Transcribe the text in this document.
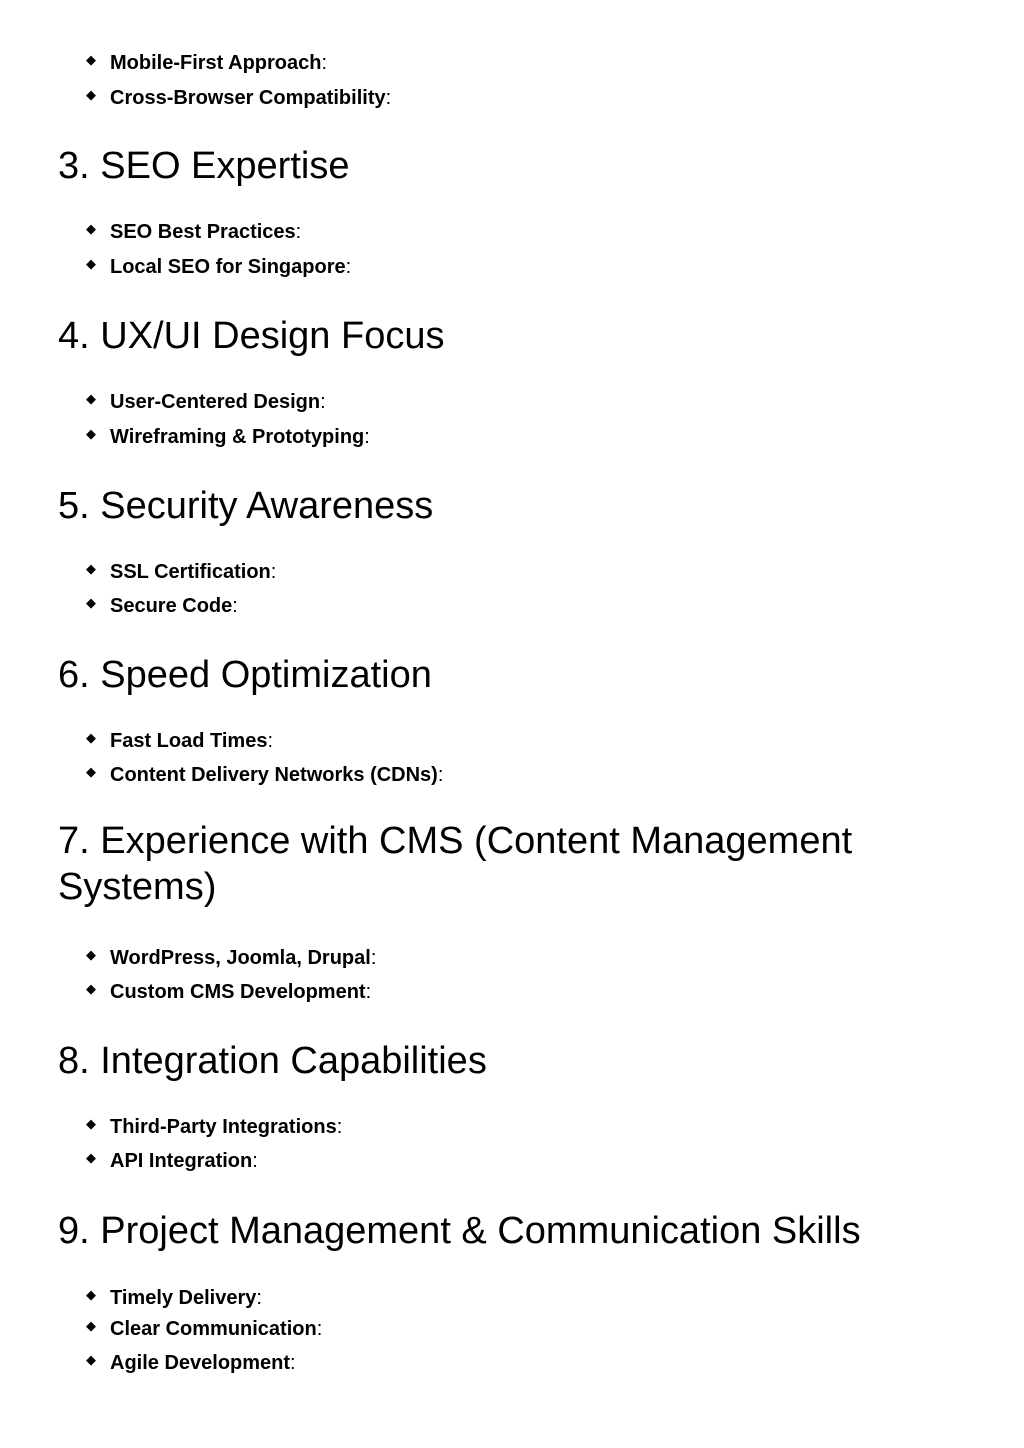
◆ Mobile-First Approach:
◆ Cross-Browser Compatibility:
3. SEO Expertise
◆ SEO Best Practices:
◆ Local SEO for Singapore:
4. UX/UI Design Focus
◆ User-Centered Design:
◆ Wireframing & Prototyping:
5. Security Awareness
◆ SSL Certification:
◆ Secure Code:
6. Speed Optimization
◆ Fast Load Times:
◆ Content Delivery Networks (CDNs):
7. Experience with CMS (Content Management Systems)
◆ WordPress, Joomla, Drupal:
◆ Custom CMS Development:
8. Integration Capabilities
◆ Third-Party Integrations:
◆ API Integration:
9. Project Management & Communication Skills
◆ Timely Delivery:
◆ Clear Communication:
◆ Agile Development:
